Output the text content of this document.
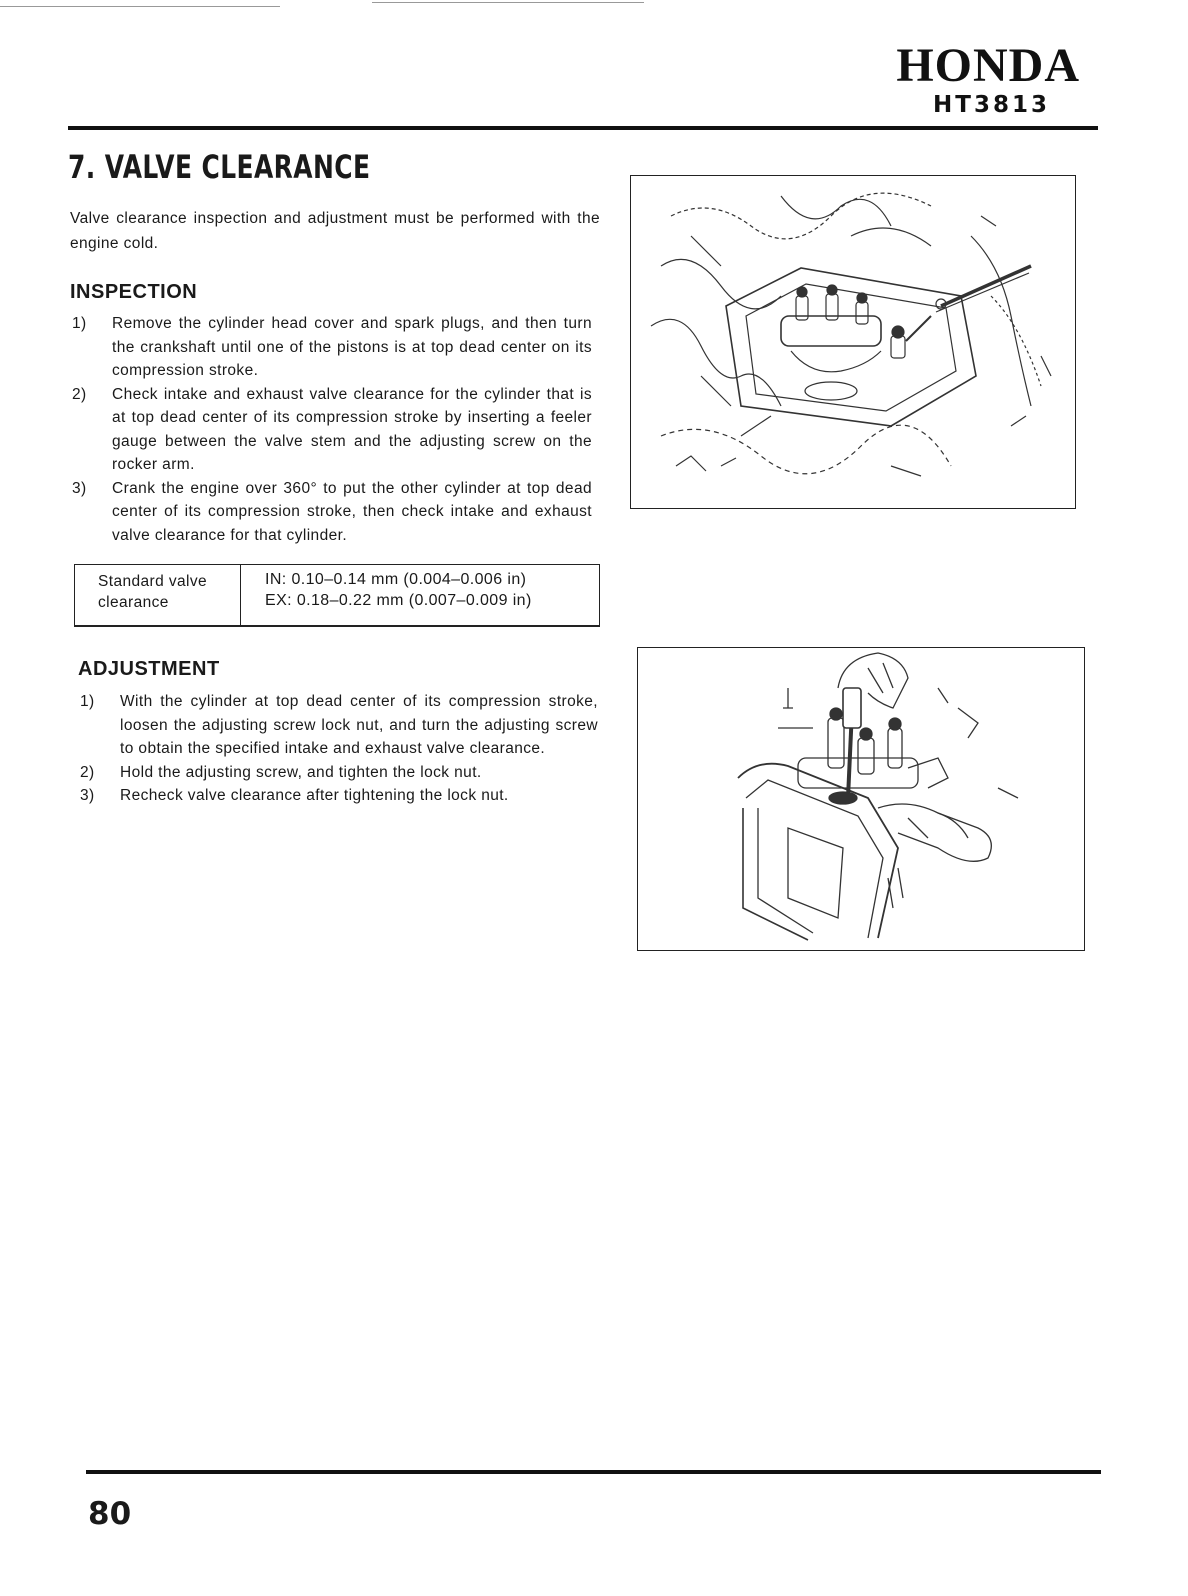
HONDA
HT3813
7. VALVE CLEARANCE
Valve clearance inspection and adjustment must be performed with the engine cold.
INSPECTION
1) Remove the cylinder head cover and spark plugs, and then turn the crankshaft until one of the pistons is at top dead center on its compression stroke.
2) Check intake and exhaust valve clearance for the cylinder that is at top dead center of its compression stroke by inserting a feeler gauge between the valve stem and the adjusting screw on the rocker arm.
3) Crank the engine over 360° to put the other cylinder at top dead center of its compression stroke, then check intake and exhaust valve clearance for that cylinder.
Standard valve clearance
IN: 0.10–0.14 mm (0.004–0.006 in)
EX: 0.18–0.22 mm (0.007–0.009 in)
ADJUSTMENT
1) With the cylinder at top dead center of its compression stroke, loosen the adjusting screw lock nut, and turn the adjusting screw to obtain the specified intake and exhaust valve clearance.
2) Hold the adjusting screw, and tighten the lock nut.
3) Recheck valve clearance after tightening the lock nut.
80
